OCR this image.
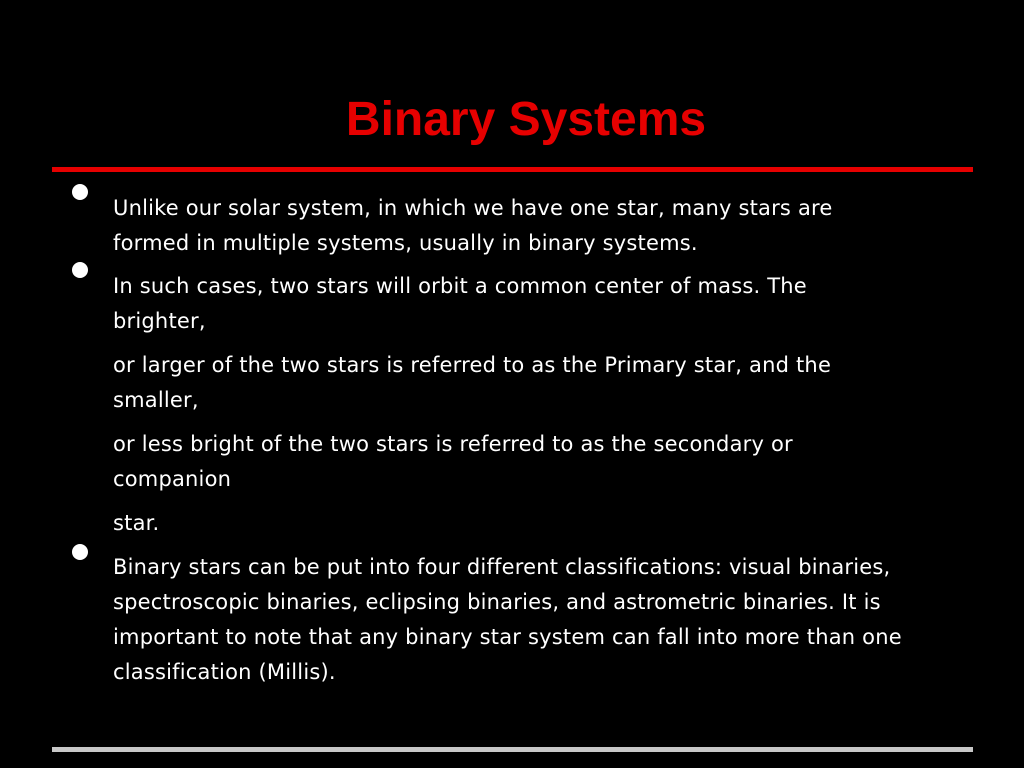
Binary Systems

Unlike our solar system, in which we have one star, many stars are
formed in multiple systems, usually in binary systems.

In such cases, two stars will orbit a common center of mass. The
brighter,

or larger of the two stars is referred to as the Primary star, and the
smaller,

or less bright of the two stars is referred to as the secondary or
companion

star.

Binary stars can be put into four different classifications: visual binaries,
spectroscopic binaries, eclipsing binaries, and astrometric binaries. It is
important to note that any binary star system can fall into more than one
classification (Millis).
